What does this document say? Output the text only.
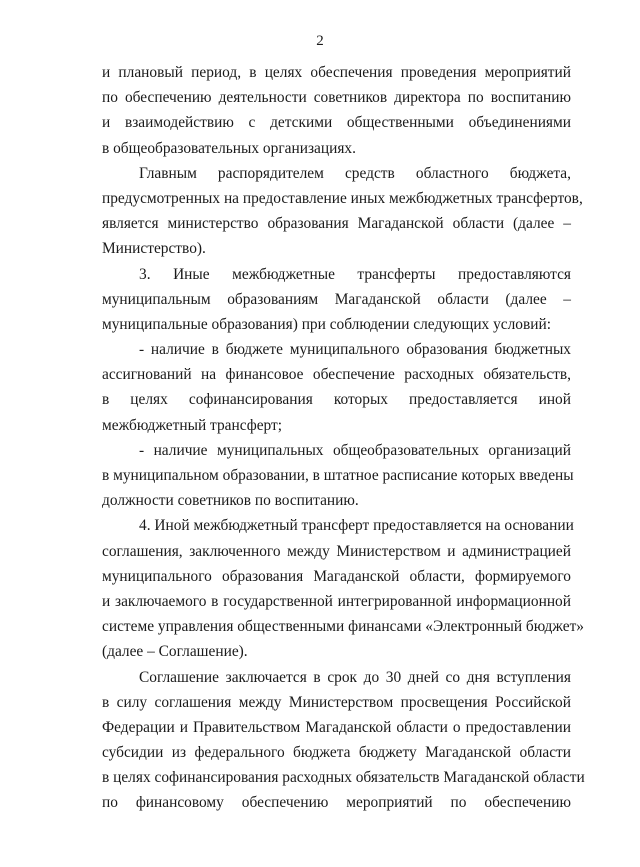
2
и плановый период, в целях обеспечения проведения мероприятий
по обеспечению деятельности советников директора по воспитанию
и взаимодействию с детскими общественными объединениями
в общеобразовательных организациях.
Главным распорядителем средств областного бюджета,
предусмотренных на предоставление иных межбюджетных трансфертов,
является министерство образования Магаданской области (далее –
Министерство).
3. Иные межбюджетные трансферты предоставляются
муниципальным образованиям Магаданской области (далее –
муниципальные образования) при соблюдении следующих условий:
- наличие в бюджете муниципального образования бюджетных
ассигнований на финансовое обеспечение расходных обязательств,
в целях софинансирования которых предоставляется иной
межбюджетный трансферт;
- наличие муниципальных общеобразовательных организаций
в муниципальном образовании, в штатное расписание которых введены
должности советников по воспитанию.
4. Иной межбюджетный трансферт предоставляется на основании
соглашения, заключенного между Министерством и администрацией
муниципального образования Магаданской области, формируемого
и заключаемого в государственной интегрированной информационной
системе управления общественными финансами «Электронный бюджет»
(далее – Соглашение).
Соглашение заключается в срок до 30 дней со дня вступления
в силу соглашения между Министерством просвещения Российской
Федерации и Правительством Магаданской области о предоставлении
субсидии из федерального бюджета бюджету Магаданской области
в целях софинансирования расходных обязательств Магаданской области
по финансовому обеспечению мероприятий по обеспечению
